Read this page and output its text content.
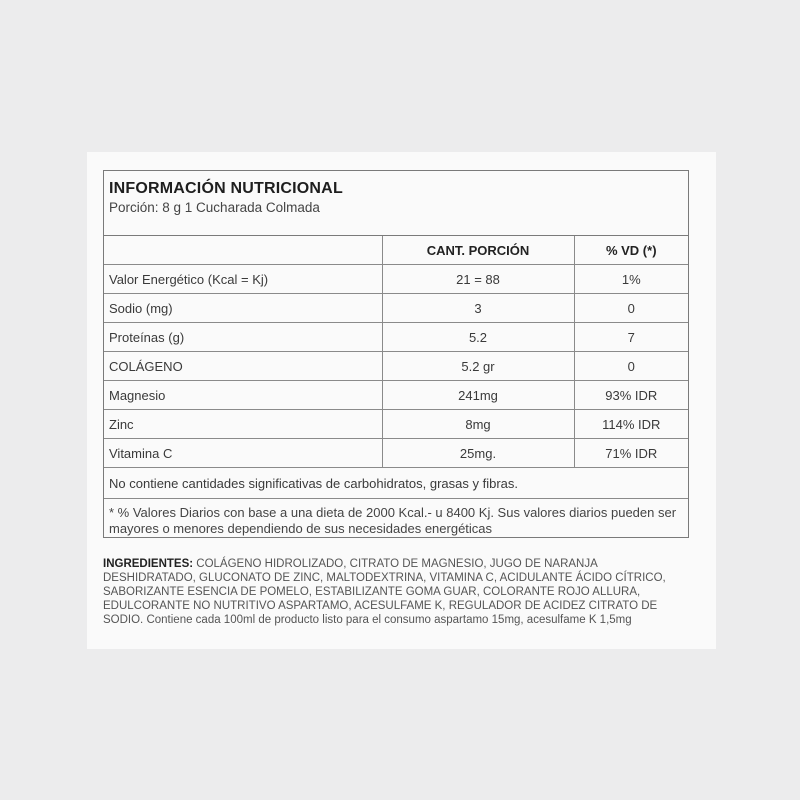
INFORMACIÓN NUTRICIONAL
Porción: 8 g 1 Cucharada Colmada
	CANT. PORCIÓN	% VD (*)
Valor Energético (Kcal = Kj)	21 = 88	1%
Sodio (mg)	3	0
Proteínas (g)	5.2	7
COLÁGENO	5.2 gr	0
Magnesio	241mg	93% IDR
Zinc	8mg	114% IDR
Vitamina C	25mg.	71% IDR
No contiene cantidades significativas de carbohidratos, grasas y fibras.		
* % Valores Diarios con base a una dieta de 2000 Kcal.- u 8400 Kj. Sus valores diarios pueden ser mayores o menores dependiendo de sus necesidades energéticas
INGREDIENTES: COLÁGENO HIDROLIZADO, CITRATO DE MAGNESIO, JUGO DE NARANJA DESHIDRATADO, GLUCONATO DE ZINC, MALTODEXTRINA, VITAMINA C, ACIDULANTE ÁCIDO CÍTRICO, SABORIZANTE ESENCIA DE POMELO, ESTABILIZANTE GOMA GUAR, COLORANTE ROJO ALLURA, EDULCORANTE NO NUTRITIVO ASPARTAMO, ACESULFAME K, REGULADOR DE ACIDEZ CITRATO DE SODIO. Contiene cada 100ml de producto listo para el consumo aspartamo 15mg, acesulfame K 1,5mg
